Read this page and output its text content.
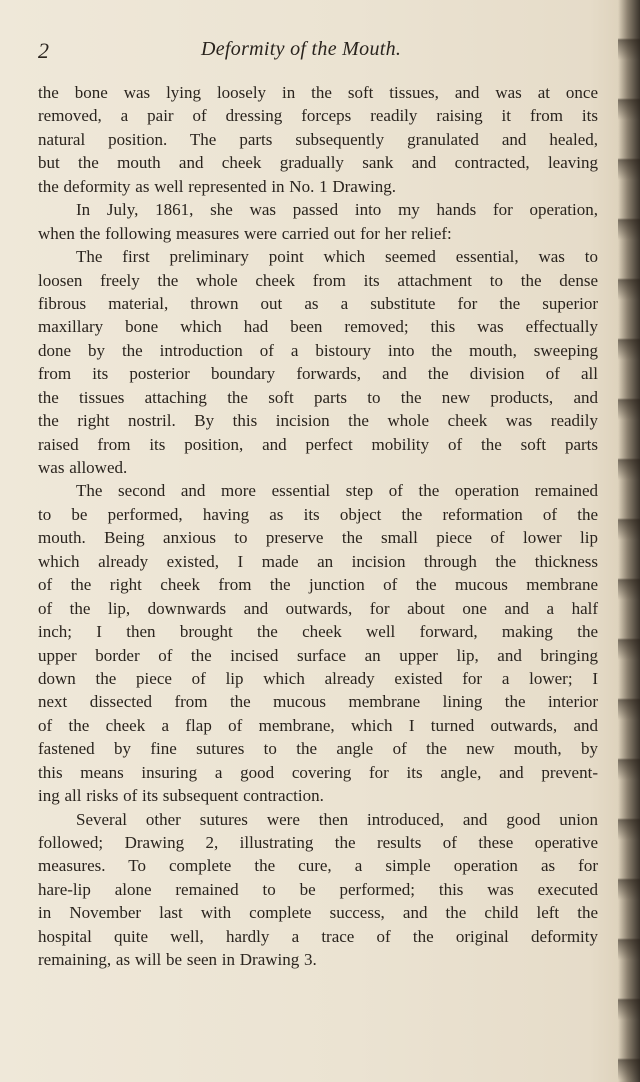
2	Deformity of the Mouth.
the bone was lying loosely in the soft tissues, and was at once
removed, a pair of dressing forceps readily raising it from its
natural position. The parts subsequently granulated and healed,
but the mouth and cheek gradually sank and contracted, leaving
the deformity as well represented in No. 1 Drawing.
In July, 1861, she was passed into my hands for operation,
when the following measures were carried out for her relief:
The first preliminary point which seemed essential, was to
loosen freely the whole cheek from its attachment to the dense
fibrous material, thrown out as a substitute for the superior
maxillary bone which had been removed; this was effectually
done by the introduction of a bistoury into the mouth, sweeping
from its posterior boundary forwards, and the division of all
the tissues attaching the soft parts to the new products, and
the right nostril. By this incision the whole cheek was readily
raised from its position, and perfect mobility of the soft parts
was allowed.
The second and more essential step of the operation remained
to be performed, having as its object the reformation of the
mouth. Being anxious to preserve the small piece of lower lip
which already existed, I made an incision through the thickness
of the right cheek from the junction of the mucous membrane
of the lip, downwards and outwards, for about one and a half
inch; I then brought the cheek well forward, making the
upper border of the incised surface an upper lip, and bringing
down the piece of lip which already existed for a lower; I
next dissected from the mucous membrane lining the interior
of the cheek a flap of membrane, which I turned outwards, and
fastened by fine sutures to the angle of the new mouth, by
this means insuring a good covering for its angle, and prevent-
ing all risks of its subsequent contraction.
Several other sutures were then introduced, and good union
followed; Drawing 2, illustrating the results of these operative
measures. To complete the cure, a simple operation as for
hare-lip alone remained to be performed; this was executed
in November last with complete success, and the child left the
hospital quite well, hardly a trace of the original deformity
remaining, as will be seen in Drawing 3.
